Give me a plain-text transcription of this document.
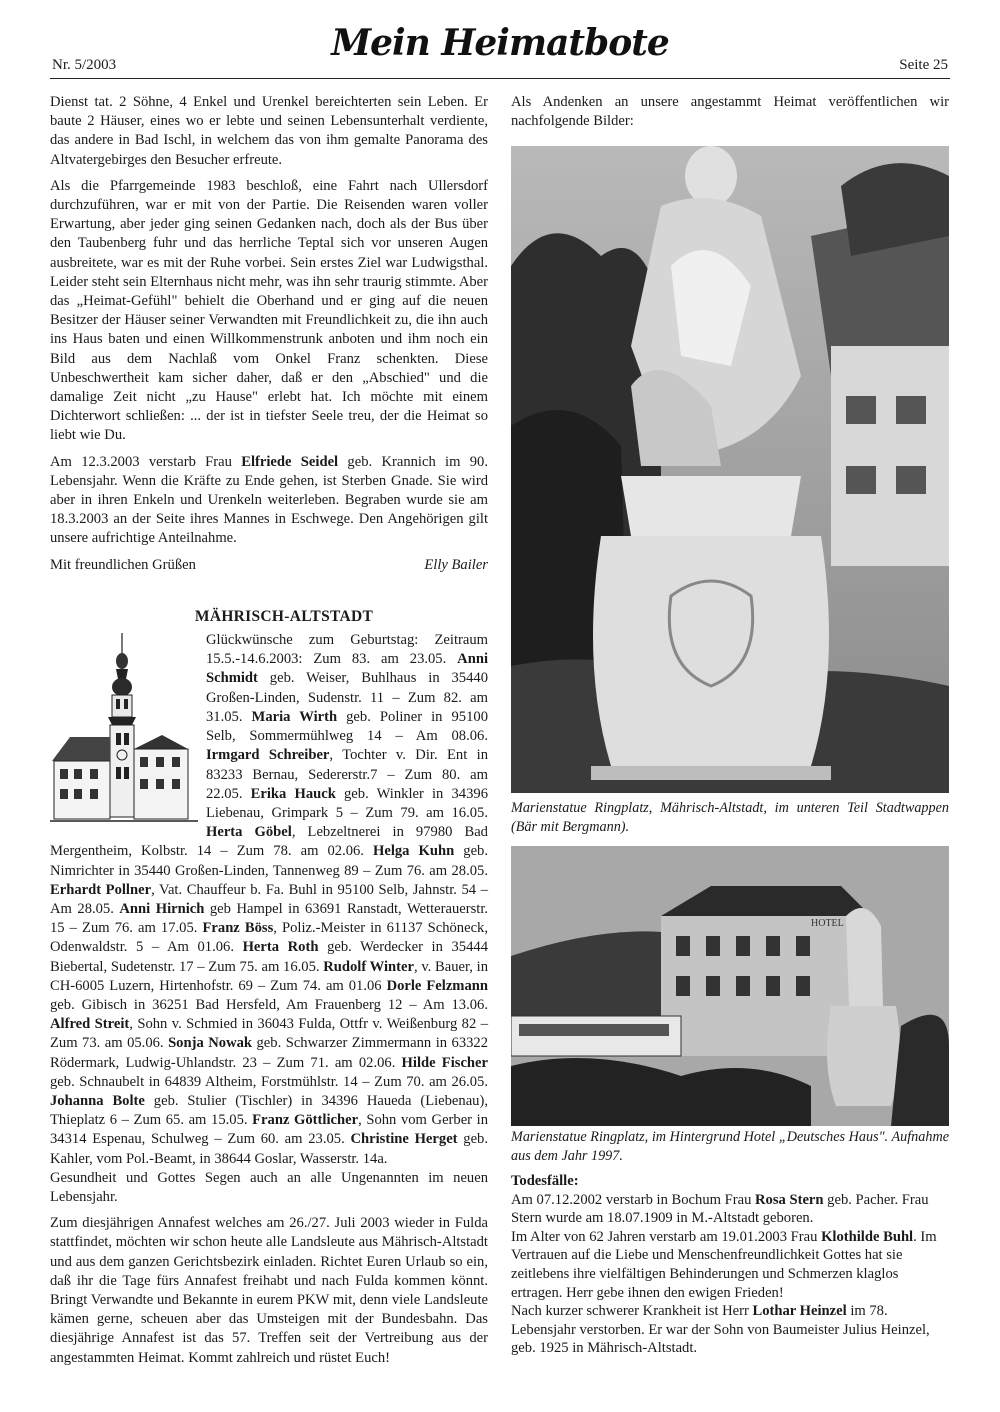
Nr. 5/2003
Mein Heimatbote
Seite 25

Dienst tat. 2 Söhne, 4 Enkel und Urenkel bereichterten sein Leben. Er baute 2 Häuser, eines wo er lebte und seinen Lebensunterhalt verdiente, das andere in Bad Ischl, in welchem das von ihm gemalte Panorama des Altvatergebirges den Besucher erfreute.

Als die Pfarrgemeinde 1983 beschloß, eine Fahrt nach Ullersdorf durchzuführen, war er mit von der Partie. Die Reisenden waren voller Erwartung, aber jeder ging seinen Gedanken nach, doch als der Bus über den Taubenberg fuhr und das herrliche Teptal sich vor unseren Augen ausbreitete, war es mit der Ruhe vorbei. Sein erstes Ziel war Ludwigsthal. Leider steht sein Elternhaus nicht mehr, was ihn sehr traurig stimmte. Aber das „Heimat-Gefühl" behielt die Oberhand und er ging auf die neuen Besitzer der Häuser seiner Verwandten mit Freundlichkeit zu, die ihn auch ins Haus baten und einen Willkommenstrunk anboten und ihm noch ein Bild aus dem Nachlaß vom Onkel Franz schenkten. Diese Unbeschwertheit kam sicher daher, daß er den „Abschied" und die damalige Zeit nicht „zu Hause" erlebt hat. Ich möchte mit einem Dichterwort schließen: ... der ist in tiefster Seele treu, der die Heimat so liebt wie Du.

Am 12.3.2003 verstarb Frau Elfriede Seidel geb. Krannich im 90. Lebensjahr. Wenn die Kräfte zu Ende gehen, ist Sterben Gnade. Sie wird aber in ihren Enkeln und Urenkeln weiterleben. Begraben wurde sie am 18.3.2003 an der Seite ihres Mannes in Eschwege. Den Angehörigen gilt unsere aufrichtige Anteilnahme.

Mit freundlichen Grüßen	Elly Bailer
MÄHRISCH-ALTSTADT
Glückwünsche zum Geburtstag: Zeitraum 15.5.-14.6.2003: Zum 83. am 23.05. Anni Schmidt geb. Weiser, Buhlhaus in 35440 Großen-Linden, Sudenstr. 11 – Zum 82. am 31.05. Maria Wirth geb. Poliner in 95100 Selb, Sommermühlweg 14 – Am 08.06. Irmgard Schreiber, Tochter v. Dir. Ent in 83233 Bernau, Sedererstr.7 – Zum 80. am 22.05. Erika Hauck geb. Winkler in 34396 Liebenau, Grimpark 5 – Zum 79. am 16.05. Herta Göbel, Lebzeltnerei in 97980 Bad Mergentheim, Kolbstr. 14 – Zum 78. am 02.06. Helga Kuhn geb. Nimrichter in 35440 Großen-Linden, Tannenweg 89 – Zum 76. am 28.05. Erhardt Pollner, Vat. Chauffeur b. Fa. Buhl in 95100 Selb, Jahnstr. 54 – Am 28.05. Anni Hirnich geb Hampel in 63691 Ranstadt, Wetterauerstr. 15 – Zum 76. am 17.05. Franz Böss, Poliz.-Meister in 61137 Schöneck, Odenwaldstr. 5 – Am 01.06. Herta Roth geb. Werdecker in 35444 Biebertal, Sudetenstr. 17 – Zum 75. am 16.05. Rudolf Winter, v. Bauer, in CH-6005 Luzern, Hirtenhofstr. 69 – Zum 74. am 01.06 Dorle Felzmann geb. Gibisch in 36251 Bad Hersfeld, Am Frauenberg 12 – Am 13.06. Alfred Streit, Sohn v. Schmied in 36043 Fulda, Ottfr v. Weißenburg 82 – Zum 73. am 05.06. Sonja Nowak geb. Schwarzer Zimmermann in 63322 Rödermark, Ludwig-Uhlandstr. 23 – Zum 71. am 02.06. Hilde Fischer geb. Schnaubelt in 64839 Altheim, Forstmühlstr. 14 – Zum 70. am 26.05. Johanna Bolte geb. Stulier (Tischler) in 34396 Haueda (Liebenau), Thieplatz 6 – Zum 65. am 15.05. Franz Göttlicher, Sohn vom Gerber in 34314 Espenau, Schulweg – Zum 60. am 23.05. Christine Herget geb. Kahler, vom Pol.-Beamt, in 38644 Goslar, Wasserstr. 14a.

Gesundheit und Gottes Segen auch an alle Ungenannten im neuen Lebensjahr.

Zum diesjährigen Annafest welches am 26./27. Juli 2003 wieder in Fulda stattfindet, möchten wir schon heute alle Landsleute aus Mährisch-Altstadt und aus dem ganzen Gerichtsbezirk einladen. Richtet Euren Urlaub so ein, daß ihr die Tage fürs Annafest freihabt und nach Fulda kommen könnt. Bringt Verwandte und Bekannte in eurem PKW mit, denn viele Landsleute kämen gerne, scheuen aber das Umsteigen mit der Bundesbahn. Das diesjährige Annafest ist das 57. Treffen seit der Vertreibung aus der angestammten Heimat. Kommt zahlreich und rüstet Euch!

Als Andenken an unsere angestammt Heimat veröffentlichen wir nachfolgende Bilder:

Marienstatue Ringplatz, Mährisch-Altstadt, im unteren Teil Stadtwappen (Bär mit Bergmann).
HOTEL
Marienstatue Ringplatz, im Hintergrund Hotel „Deutsches Haus". Aufnahme aus dem Jahr 1997.
Todesfälle:
Am 07.12.2002 verstarb in Bochum Frau Rosa Stern geb. Pacher. Frau Stern wurde am 18.07.1909 in M.-Altstadt geboren.
Im Alter von 62 Jahren verstarb am 19.01.2003 Frau Klothilde Buhl. Im Vertrauen auf die Liebe und Menschenfreundlichkeit Gottes hat sie zeitlebens ihre vielfältigen Behinderungen und Schmerzen klaglos ertragen. Herr gebe ihnen den ewigen Frieden!
Nach kurzer schwerer Krankheit ist Herr Lothar Heinzel im 78. Lebensjahr verstorben. Er war der Sohn von Baumeister Julius Heinzel, geb. 1925 in Mährisch-Altstadt.
